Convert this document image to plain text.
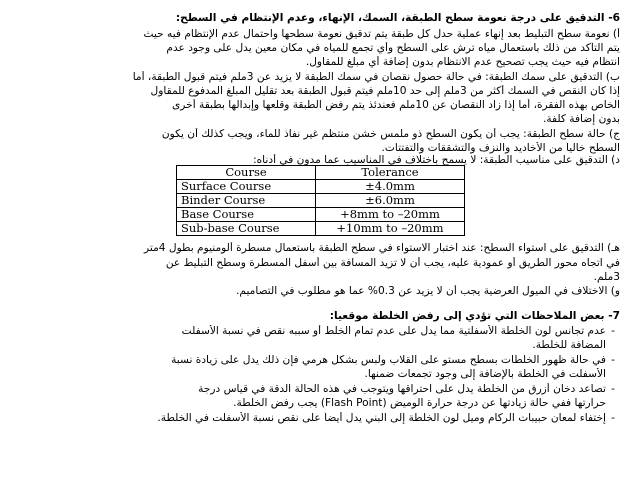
6- التدقيق على درجة نعومة سطح الطبقة، السمك، الإنهاء، وعدم الإنتظام في السطح:
أ) نعومة سطح التبليط بعد إنهاء عملية حدل كل طبقة يتم تدقيق نعومة سطحها واحتمال عدم الإنتظام فيه حيث
يتم التأكد من ذلك باستعمال مياه ترش على السطح وأي تجمع للمياه في مكان معين يدل على وجود عدم
انتظام فيه حيث يجب تصحيح عدم الانتظام بدون إضافة أي مبلغ للمقاول.
ب) التدقيق على سمك الطبقة: في حالة حصول نقصان في سمك الطبقة لا يزيد عن 3ملم فيتم قبول الطبقة، أما
إذا كان النقص في السمك أكثر من 3ملم إلى حد 10ملم فيتم قبول الطبقة بعد تقليل المبلغ المدفوع للمقاول
الخاص بهذه الفقرة، أما إذا زاد النقصان عن 10ملم فعندئذ يتم رفض الطبقة وقلعها وإبدالها بطبقة أخرى
بدون إضافة كلفة.
ج) حالة سطح الطبقة: يجب أن يكون السطح ذو ملمس خشن منتظم غير نفاذ للماء، ويجب كذلك أن يكون
السطح خالياً من الأخاديد والنزف والتشققات والتفتتات.
د) التدقيق على مناسيب الطبقة: لا يسمح باختلاف في المناسيب عما مدون في أدناه:
Course	Tolerance
Surface Course	±4.0mm
Binder Course	±6.0mm
Base Course	+8mm to –20mm
Sub-base Course	+10mm to –20mm
هـ) التدقيق على استواء السطح: عند اختبار الاستواء في سطح الطبقة باستعمال مسطرة ألومنيوم بطول 4متر
في اتجاه محور الطريق أو عمودية عليه، يجب أن لا تزيد المسافة بين أسفل المسطرة وسطح التبليط عن
3ملم.
و) الاختلاف في الميول العرضية يجب أن لا يزيد عن 0.3% عما هو مطلوب في التصاميم.
7- بعض الملاحظات التي تؤدي إلى رفض الخلطة موقعياً:
-عدم تجانس لون الخلطة الأسفلتية مما يدل على عدم تمام الخلط أو سببه نقص في نسبة الأسفلت
المضافة للخلطة.
-في حالة ظهور الخلطات بسطح مستو على القلاب ولبس بشكل هرمي فإن ذلك يدل على زيادة نسبة
الأسفلت في الخلطة بالإضافة إلى وجود تجمعات ضمنها.
-تصاعد دخان أزرق من الخلطة يدل على احتراقها ويتوجب في هذه الحالة الدقة في قياس درجة
حرارتها ففي حالة زيادتها عن درجة حرارة الوميض (Flash Point) يجب رفض الخلطة.
-إختفاء لمعان حبيبات الركام وميل لون الخلطة إلى البني يدل أيضاً على نقص نسبة الأسفلت في الخلطة.
